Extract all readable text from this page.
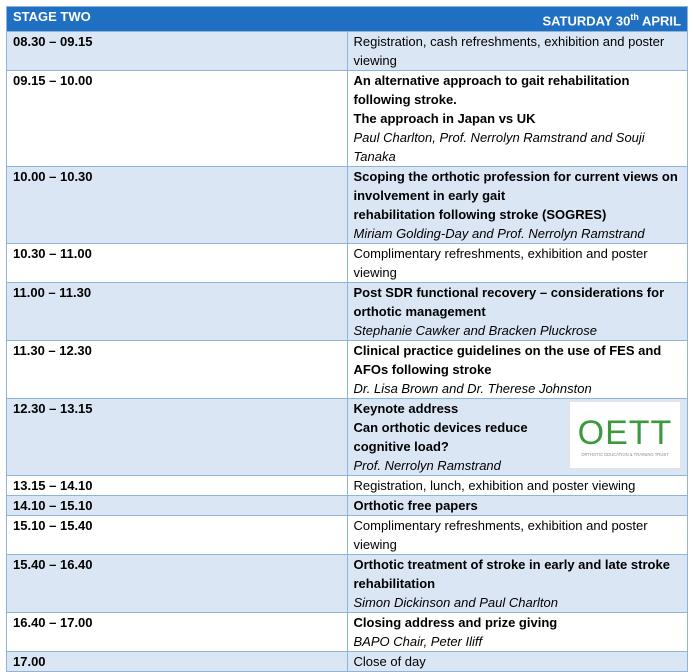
STAGE TWO SATURDAY 30th APRIL	

08.30 – 09.15	Registration, cash refreshments, exhibition and poster viewing

09.15 – 10.00	An alternative approach to gait rehabilitation following stroke.
The approach in Japan vs UK
Paul Charlton, Prof. Nerrolyn Ramstrand and Souji Tanaka

10.00 – 10.30	Scoping the orthotic profession for current views on involvement in early gait
rehabilitation following stroke (SOGRES)
Miriam Golding-Day and Prof. Nerrolyn Ramstrand

10.30 – 11.00	Complimentary refreshments, exhibition and poster viewing

11.00 – 11.30	Post SDR functional recovery – considerations for orthotic management
Stephanie Cawker and Bracken Pluckrose

11.30 – 12.30	Clinical practice guidelines on the use of FES and AFOs following stroke
Dr. Lisa Brown and Dr. Therese Johnston

12.30 – 13.15	OETT
ORTHOTIC EDUCATION & TRAINING TRUST
Keynote address
Can orthotic devices reduce cognitive load?
Prof. Nerrolyn Ramstrand

13.15 – 14.10	Registration, lunch, exhibition and poster viewing

14.10 – 15.10	Orthotic free papers

15.10 – 15.40	Complimentary refreshments, exhibition and poster viewing

15.40 – 16.40	Orthotic treatment of stroke in early and late stroke rehabilitation
Simon Dickinson and Paul Charlton

16.40 – 17.00	Closing address and prize giving
BAPO Chair, Peter Iliff

17.00	Close of day
